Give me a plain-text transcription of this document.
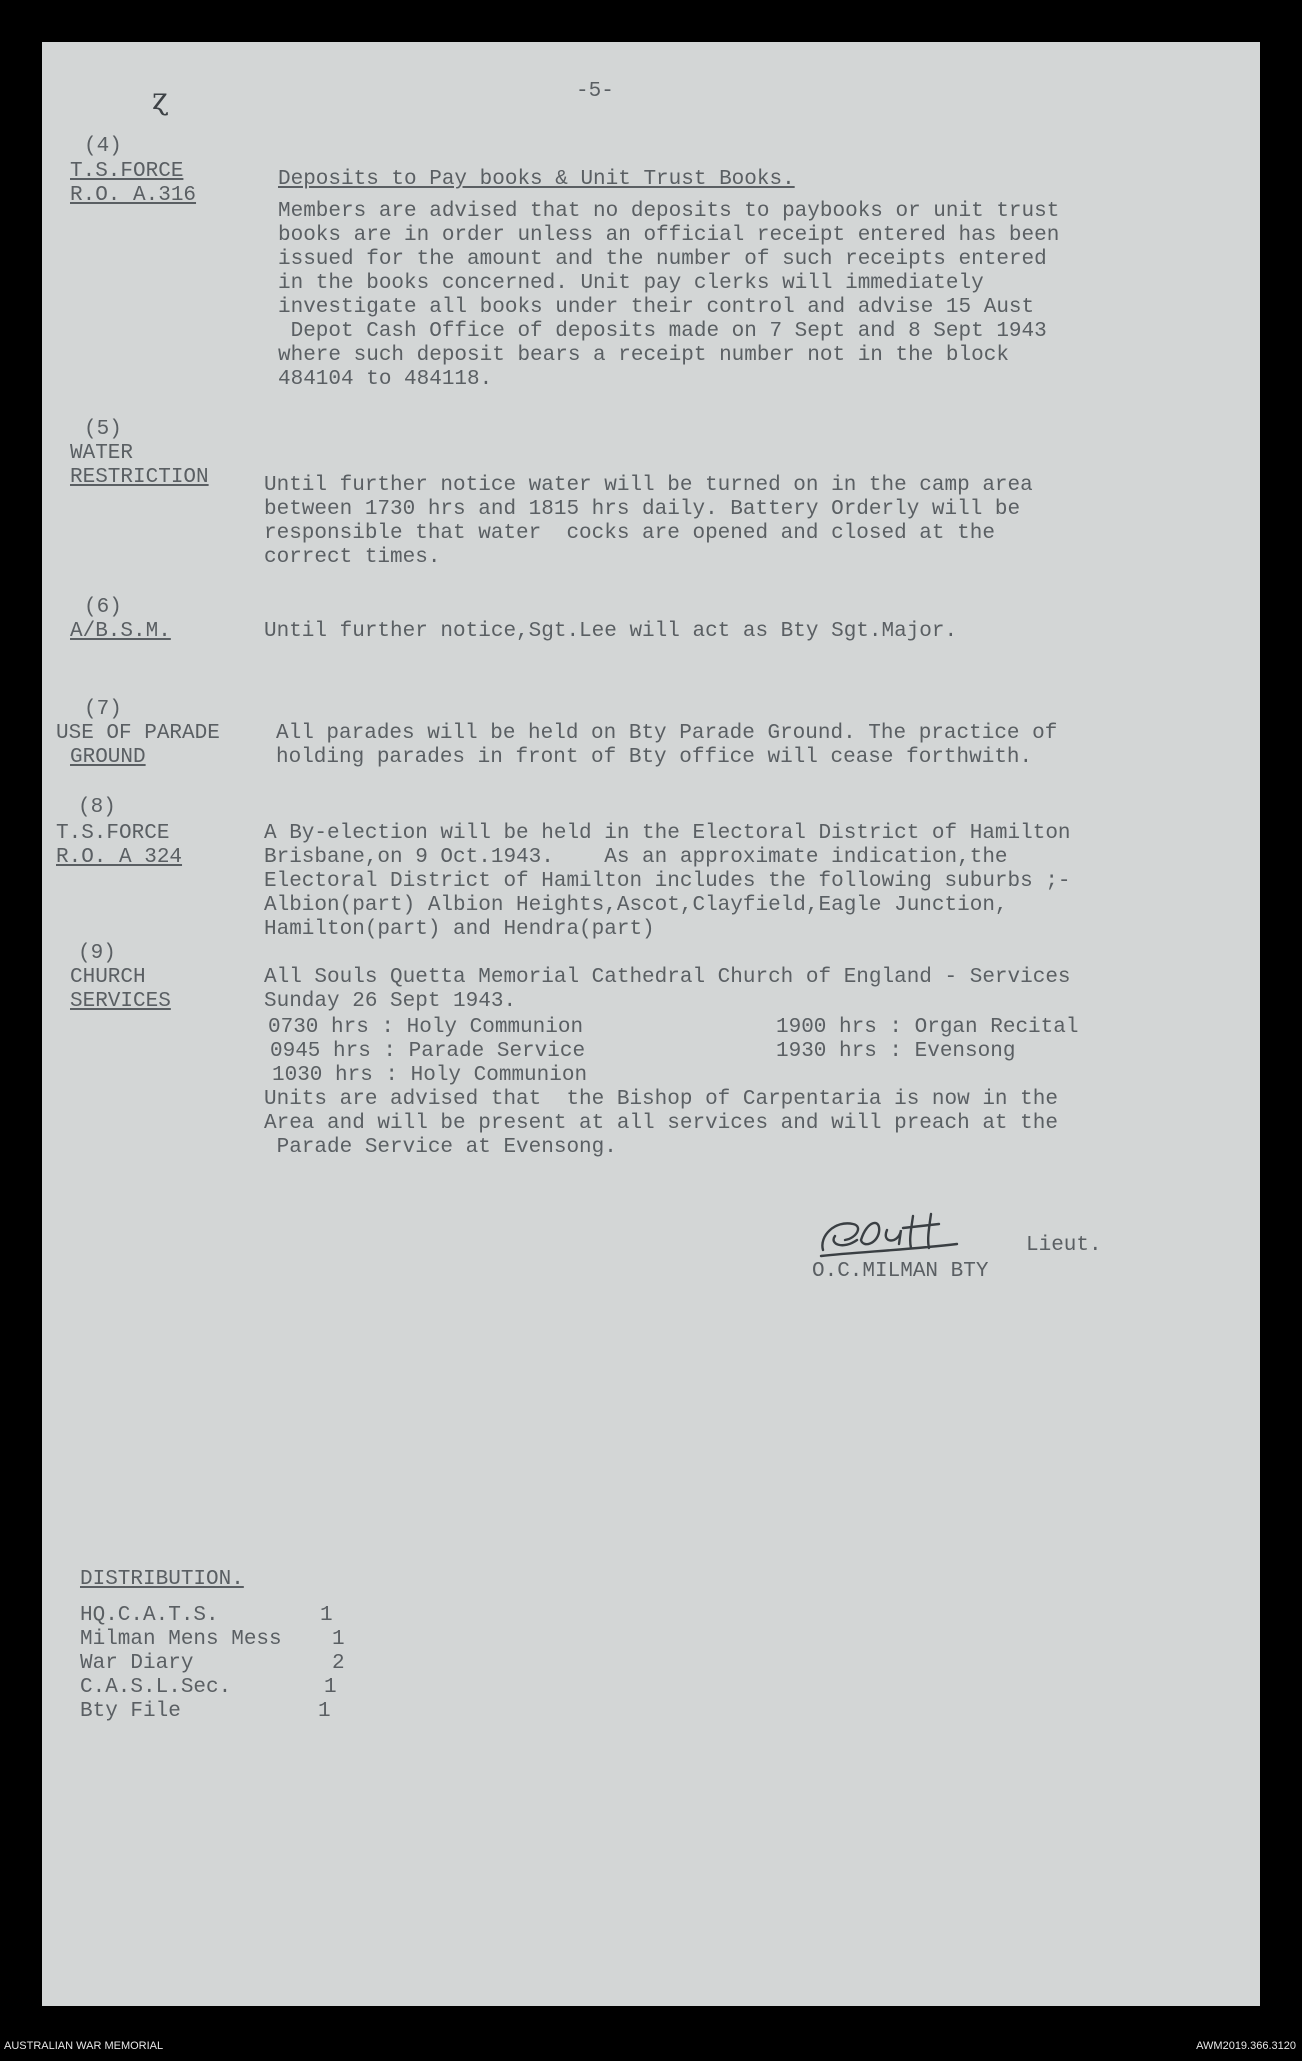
ɀ	-5-
(4)
T.S.FORCE
R.O. A.316
Deposits to Pay books & Unit Trust Books.
Members are advised that no deposits to paybooks or unit trust
books are in order unless an official receipt entered has been
issued for the amount and the number of such receipts entered
in the books concerned. Unit pay clerks will immediately
investigate all books under their control and advise 15 Aust
Depot Cash Office of deposits made on 7 Sept and 8 Sept 1943
where such deposit bears a receipt number not in the block
484104 to 484118.
(5)
WATER
RESTRICTION	Until further notice water will be turned on in the camp area
between 1730 hrs and 1815 hrs daily. Battery Orderly will be
responsible that water  cocks are opened and closed at the
correct times.
(6)
A/B.S.M.	Until further notice,Sgt.Lee will act as Bty Sgt.Major.
(7)
USE OF PARADE
GROUND
All parades will be held on Bty Parade Ground. The practice of
holding parades in front of Bty office will cease forthwith.
(8)
T.S.FORCE
R.O. A 324
A By-election will be held in the Electoral District of Hamilton
Brisbane,on 9 Oct.1943.    As an approximate indication,the
Electoral District of Hamilton includes the following suburbs ;-
Albion(part) Albion Heights,Ascot,Clayfield,Eagle Junction,
Hamilton(part) and Hendra(part)
(9)
CHURCH
SERVICES
All Souls Quetta Memorial Cathedral Church of England - Services
Sunday 26 Sept 1943.
0730 hrs : Holy Communion	1900 hrs : Organ Recital
0945 hrs : Parade Service	1930 hrs : Evensong
1030 hrs : Holy Communion
Units are advised that  the Bishop of Carpentaria is now in the
Area and will be present at all services and will preach at the
Parade Service at Evensong.
Lieut.
O.C.MILMAN BTY
DISTRIBUTION.
HQ.C.A.T.S.	1
Milman Mens Mess 1
War Diary	2
C.A.S.L.Sec.	1
Bty File	1
AUSTRALIAN WAR MEMORIAL	AWM2019.366.3120
